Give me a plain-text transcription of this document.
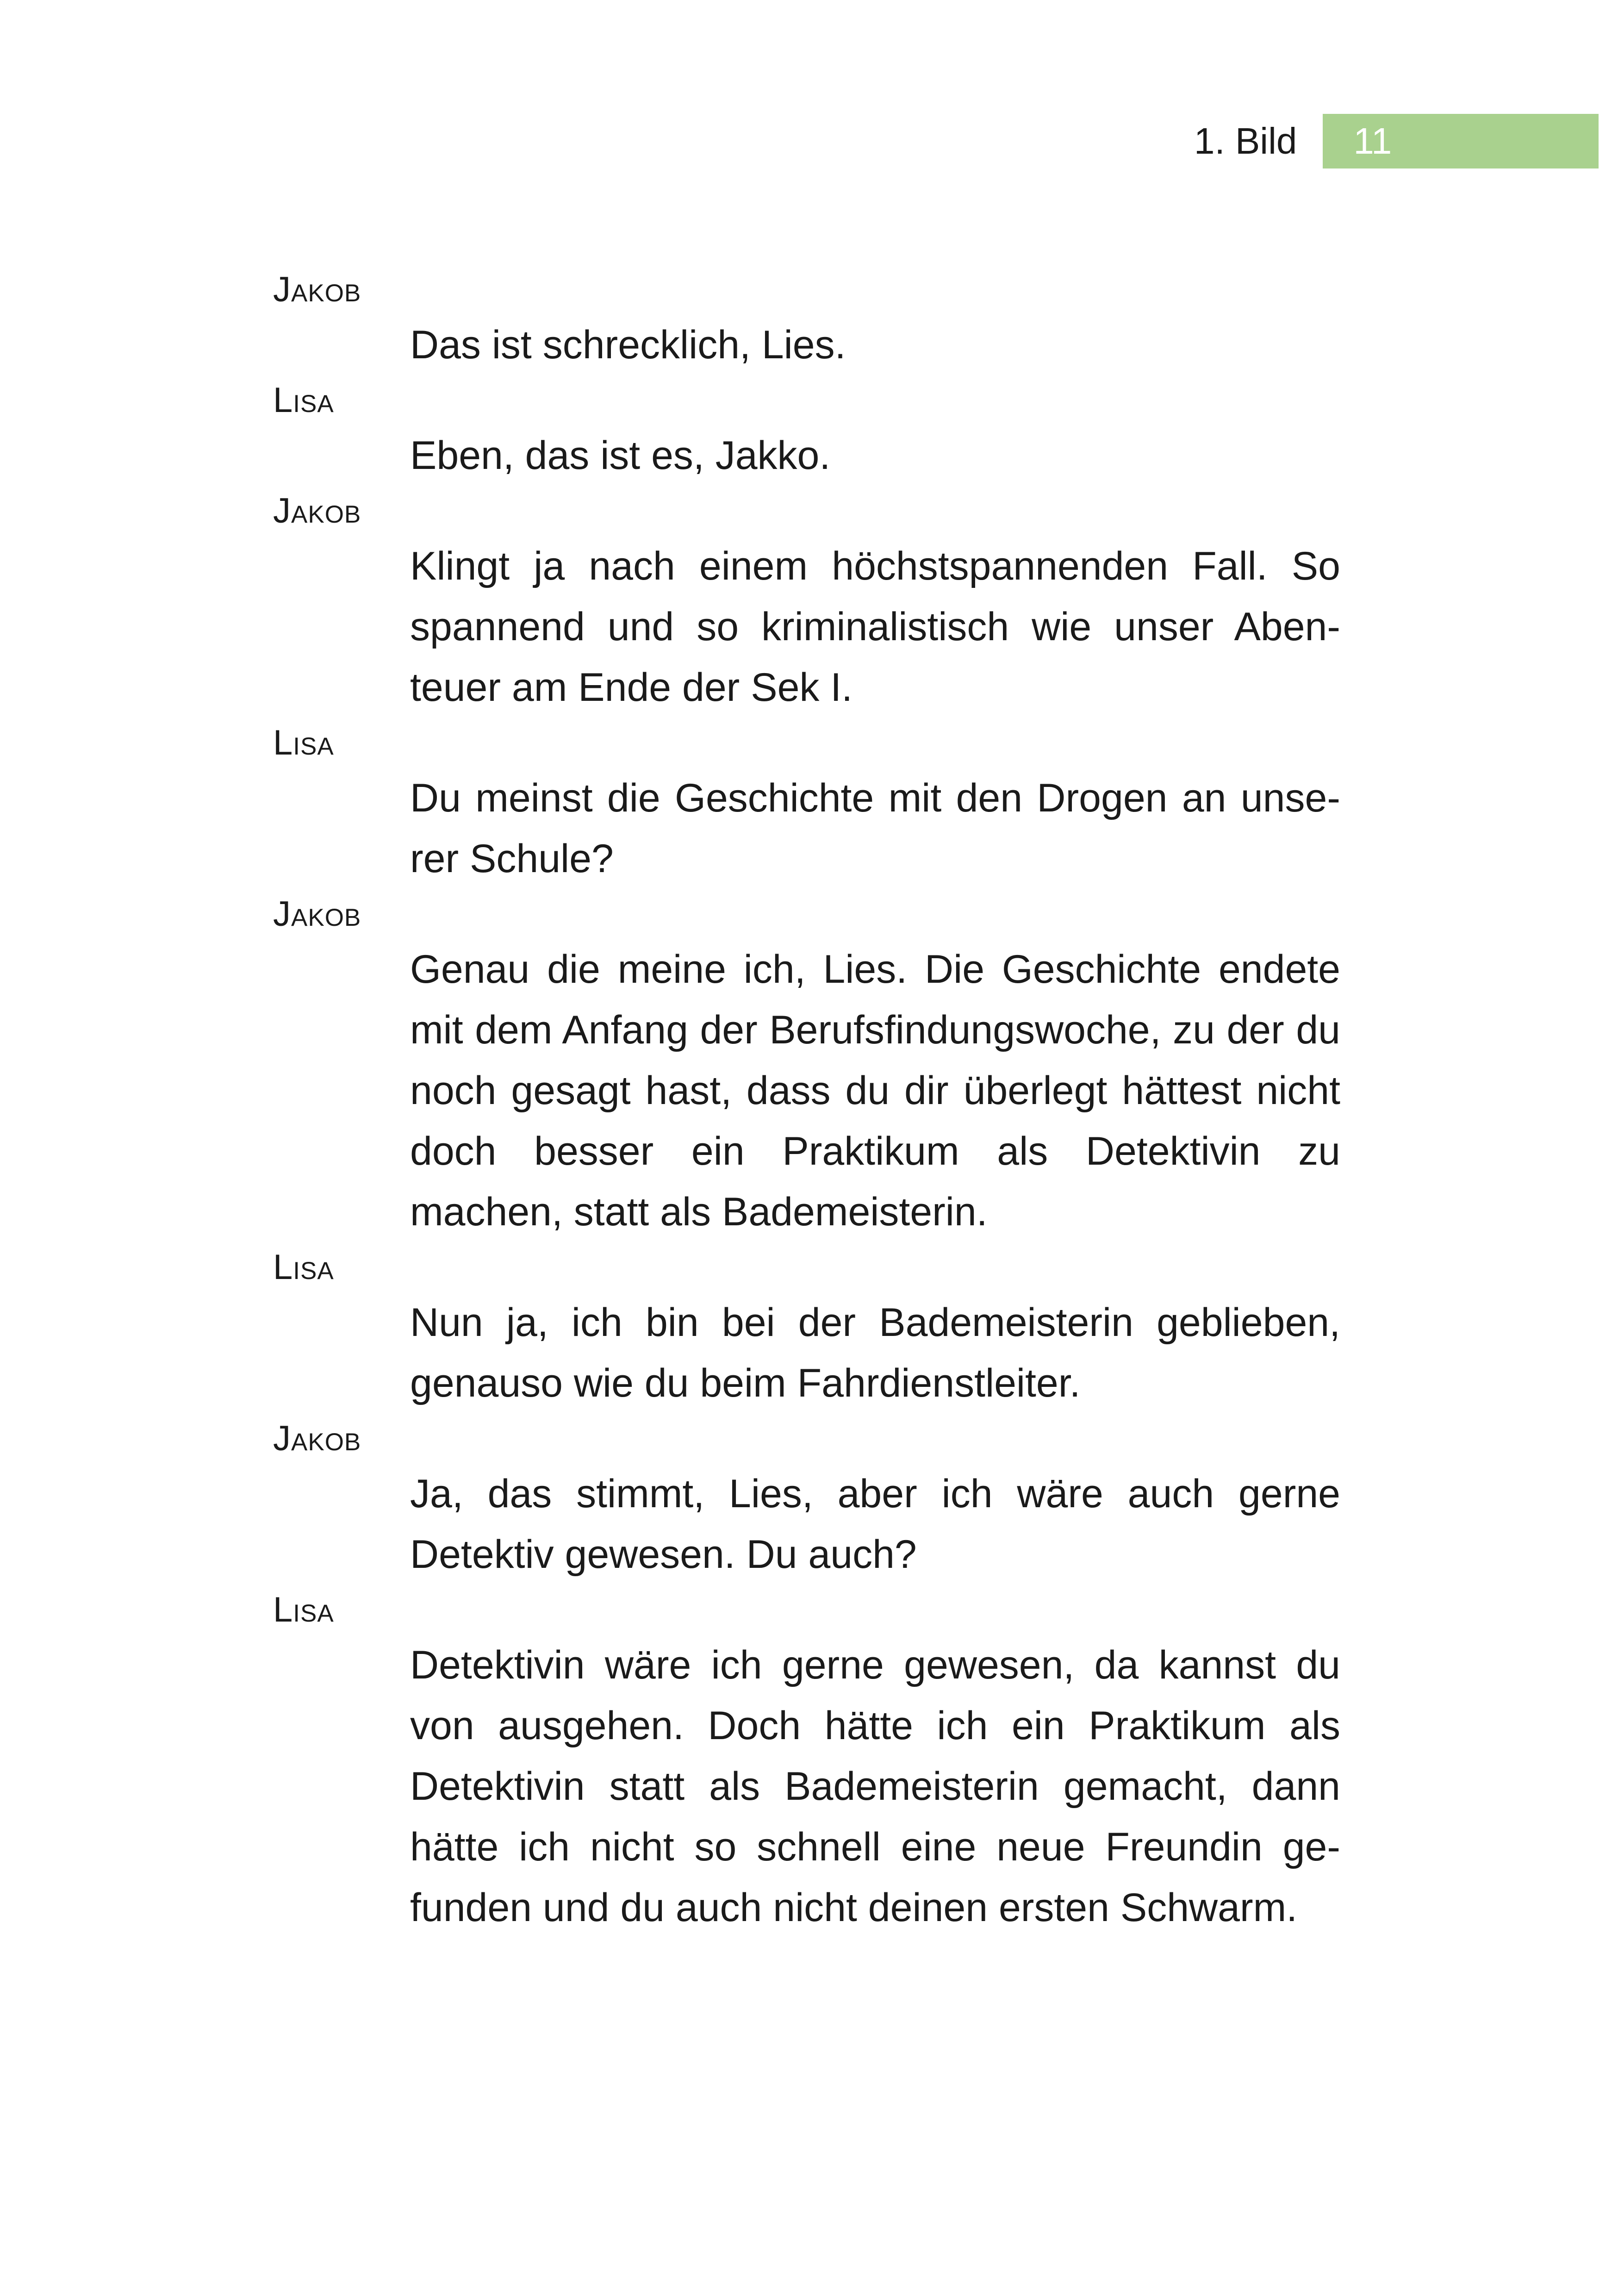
1. Bild	11
Jakob

Das ist schrecklich, Lies.

Lisa

Eben, das ist es, Jakko.

Jakob

Klingt ja nach einem höchstspannenden Fall. So spannend und so kriminalistisch wie unser Abenteuer am Ende der Sek I.

Lisa

Du meinst die Geschichte mit den Drogen an unserer Schule?

Jakob

Genau die meine ich, Lies. Die Geschichte endete mit dem Anfang der Berufsfindungswoche, zu der du noch gesagt hast, dass du dir überlegt hättest nicht doch besser ein Praktikum als Detektivin zu machen, statt als Bademeisterin.

Lisa

Nun ja, ich bin bei der Bademeisterin geblieben, genauso wie du beim Fahrdienstleiter.

Jakob

Ja, das stimmt, Lies, aber ich wäre auch gerne Detektiv gewesen. Du auch?

Lisa

Detektivin wäre ich gerne gewesen, da kannst du von ausgehen. Doch hätte ich ein Praktikum als Detektivin statt als Bademeisterin gemacht, dann hätte ich nicht so schnell eine neue Freundin gefunden und du auch nicht deinen ersten Schwarm.
